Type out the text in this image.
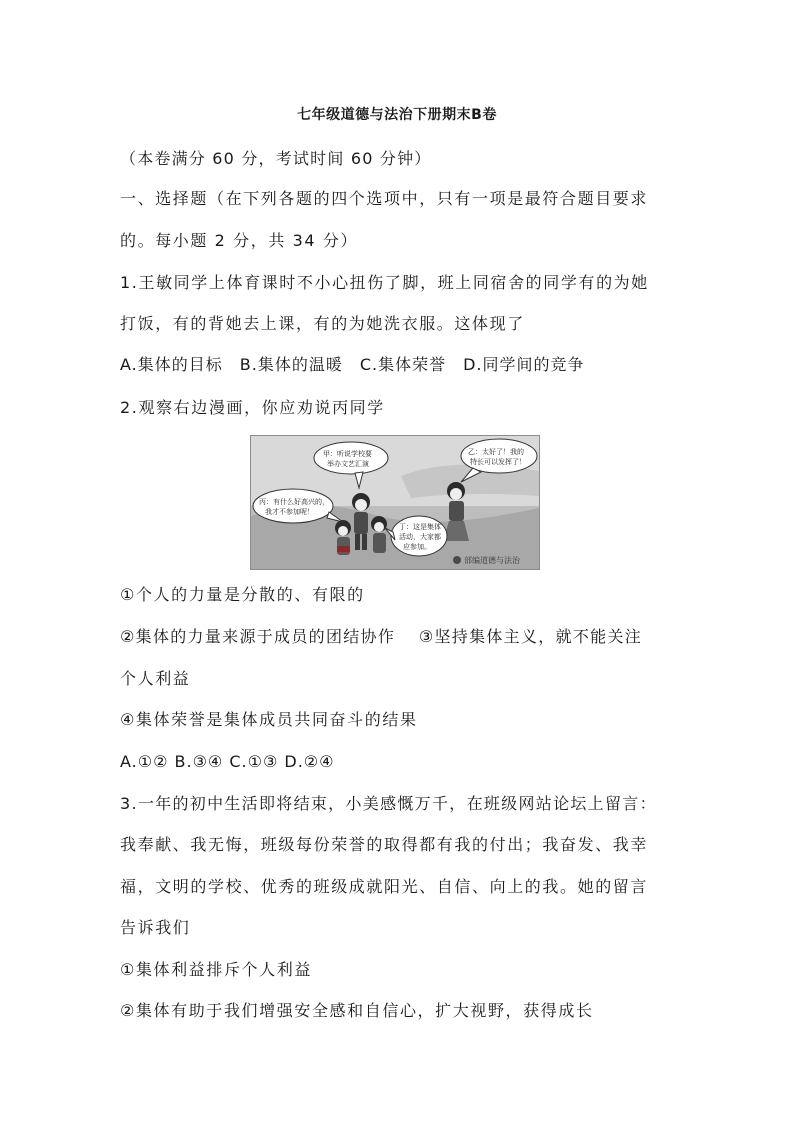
七年级道德与法治下册期末B卷
（本卷满分 60 分，考试时间 60 分钟）
一、选择题（在下列各题的四个选项中，只有一项是最符合题目要求
的。每小题 2 分，共 34 分）
1.王敏同学上体育课时不小心扭伤了脚，班上同宿舍的同学有的为她
打饭，有的背她去上课，有的为她洗衣服。这体现了
A.集体的目标　B.集体的温暖　C.集体荣誉　D.同学间的竞争
2.观察右边漫画，你应劝说丙同学
甲：听说学校要
举办文艺汇演
乙：太好了！我的
特长可以发挥了！
丙：有什么好高兴的，
我才不参加呢！
丁：这是集体
活动，大家都
应参加。
部编道德与法治
①个人的力量是分散的、有限的
②集体的力量来源于成员的团结协作　 ③坚持集体主义，就不能关注
个人利益
④集体荣誉是集体成员共同奋斗的结果
A.①② B.③④ C.①③ D.②④
3.一年的初中生活即将结束，小美感慨万千，在班级网站论坛上留言：
我奉献、我无悔，班级每份荣誉的取得都有我的付出；我奋发、我幸
福，文明的学校、优秀的班级成就阳光、自信、向上的我。她的留言
告诉我们
①集体利益排斥个人利益
②集体有助于我们增强安全感和自信心，扩大视野，获得成长
